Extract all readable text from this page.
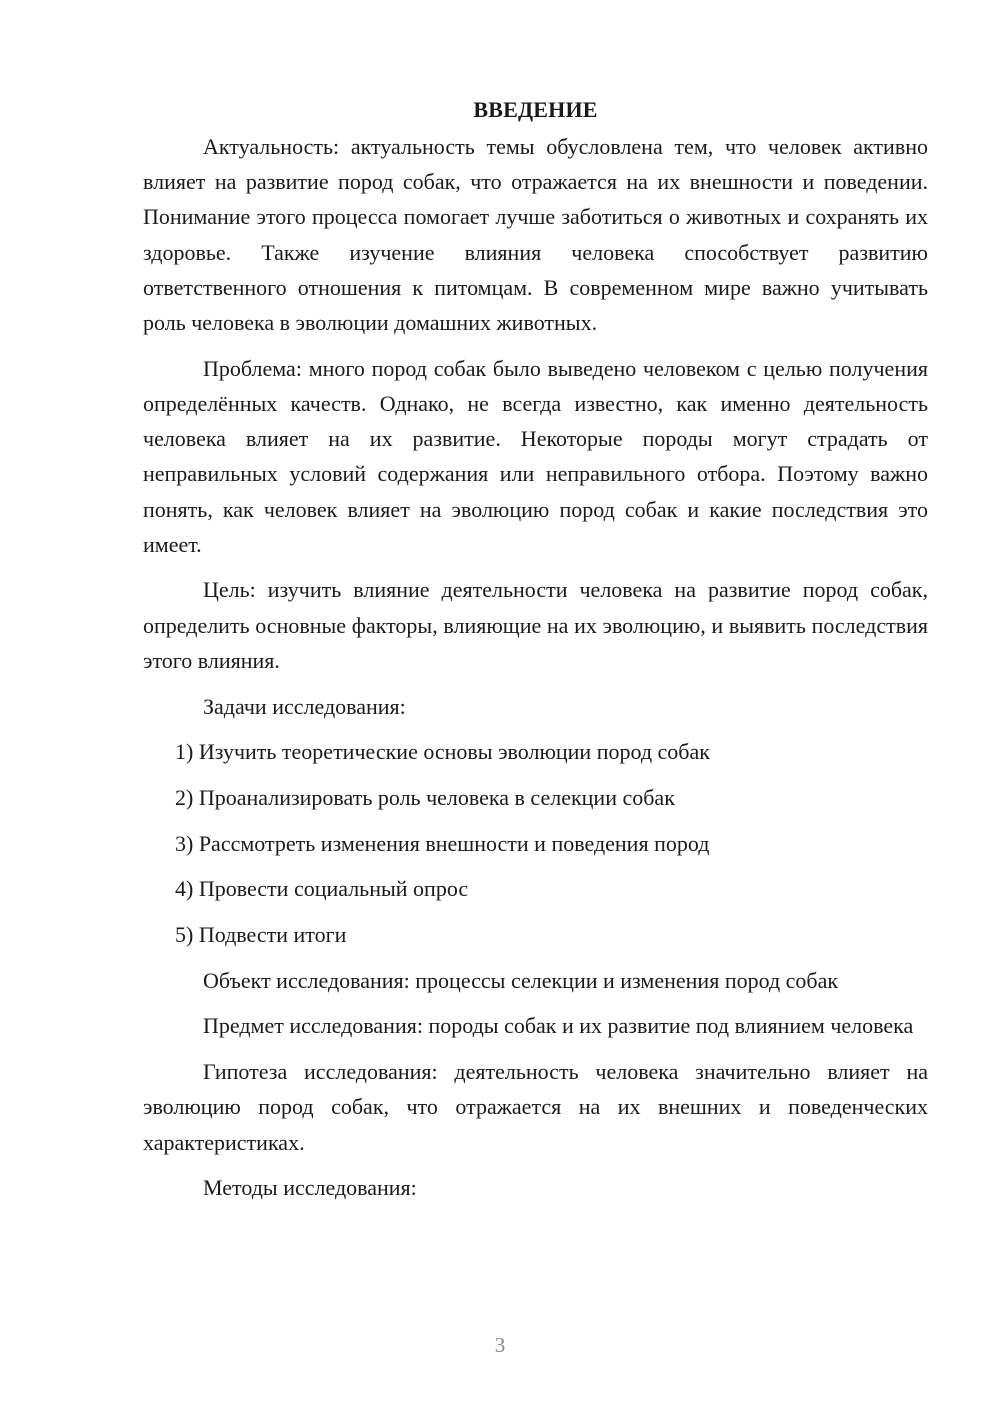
ВВЕДЕНИЕ

Актуальность: актуальность темы обусловлена тем, что человек активно влияет на развитие пород собак, что отражается на их внешности и поведении. Понимание этого процесса помогает лучше заботиться о животных и сохранять их здоровье. Также изучение влияния человека способствует развитию ответственного отношения к питомцам. В современном мире важно учитывать роль человека в эволюции домашних животных.

Проблема: много пород собак было выведено человеком с целью получения определённых качеств. Однако, не всегда известно, как именно деятельность человека влияет на их развитие. Некоторые породы могут страдать от неправильных условий содержания или неправильного отбора. Поэтому важно понять, как человек влияет на эволюцию пород собак и какие последствия это имеет.

Цель: изучить влияние деятельности человека на развитие пород собак, определить основные факторы, влияющие на их эволюцию, и выявить последствия этого влияния.

Задачи исследования:
1) Изучить теоретические основы эволюции пород собак
2) Проанализировать роль человека в селекции собак
3) Рассмотреть изменения внешности и поведения пород
4) Провести социальный опрос
5) Подвести итоги
Объект исследования: процессы селекции и изменения пород собак

Предмет исследования: породы собак и их развитие под влиянием человека

Гипотеза исследования: деятельность человека значительно влияет на эволюцию пород собак, что отражается на их внешних и поведенческих характеристиках.

Методы исследования:
3
